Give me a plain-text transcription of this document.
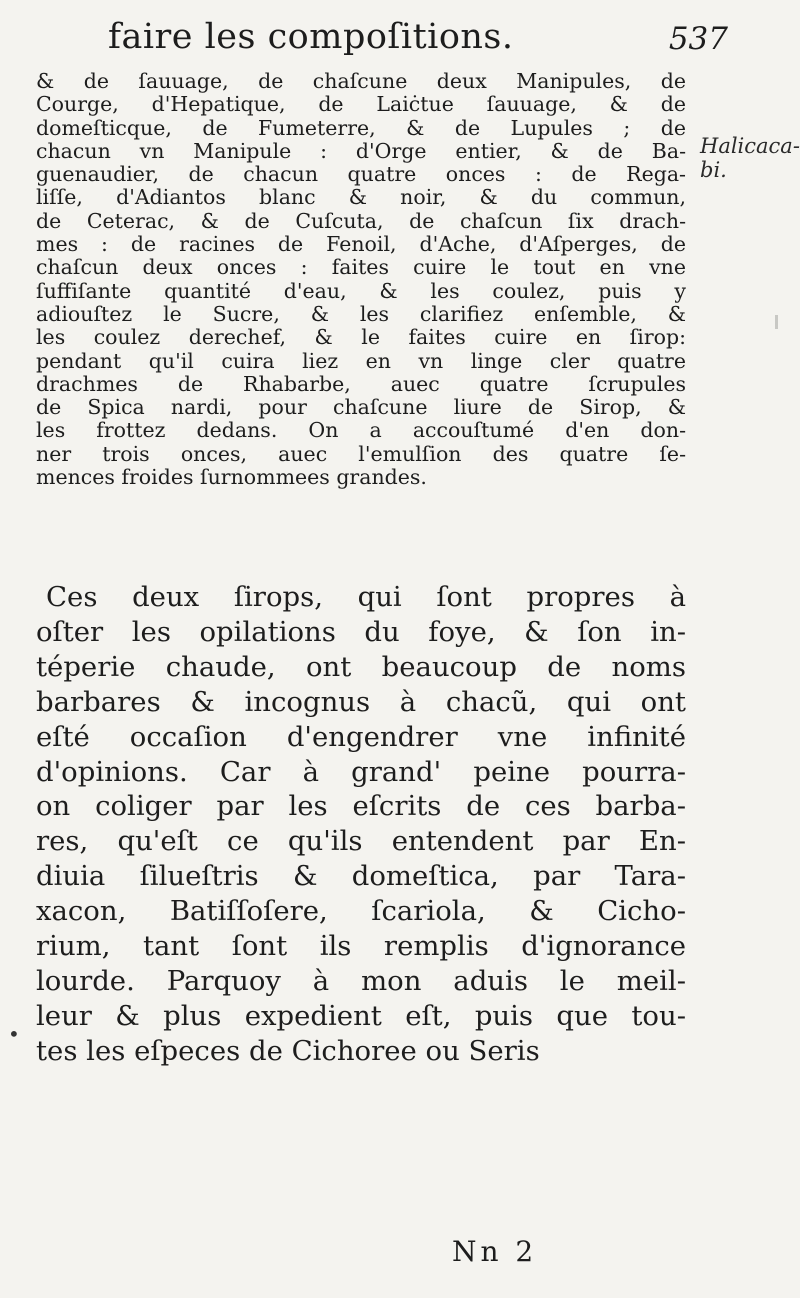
faire les compoſitions.	537
& de ſauuage, de chaſcune deux Manipules, de
Courge, d'Hepatique, de Laiċtue ſauuage, & de
domeſticque, de Fumeterre, & de Lupules ; de
chacun vn Manipule : d'Orge entier, & de Ba-
guenaudier, de chacun quatre onces : de Rega-
liſſe, d'Adiantos blanc & noir, & du commun,
de Ceterac, & de Cuſcuta, de chaſcun ſix drach-
mes : de racines de Fenoil, d'Ache, d'Aſperges, de
chaſcun deux onces : faites cuire le tout en vne
ſuffiſante quantité d'eau, & les coulez, puis y
adiouſtez le Sucre, & les clarifiez enſemble, &
les coulez derechef, & le faites cuire en ſirop:
pendant qu'il cuira liez en vn linge cler quatre
drachmes de Rhabarbe, auec quatre ſcrupules
de Spica nardi, pour chaſcune liure de Sirop, &
les frottez dedans. On a accouſtumé d'en don-
ner trois onces, auec l'emulſion des quatre ſe-
mences froides ſurnommees grandes.
Halicaca-
bi.
Ces deux ſirops, qui ſont propres à
oſter les opilations du foye, & ſon in-
téperie chaude, ont beaucoup de noms
barbares & incognus à chacũ, qui ont
eſté occaſion d'engendrer vne infinité
d'opinions. Car à grand' peine pourra-
on coliger par les eſcrits de ces barba-
res, qu'eſt ce qu'ils entendent par En-
diuia ſilueſtris & domeſtica, par Tara-
xacon, Batiſſoſere, ſcariola, & Cicho-
rium, tant ſont ils remplis d'ignorance
lourde. Parquoy à mon aduis le meil-
leur & plus expedient eſt, puis que tou-
tes les eſpeces de Cichoree ou Seris
•
Nn 2
